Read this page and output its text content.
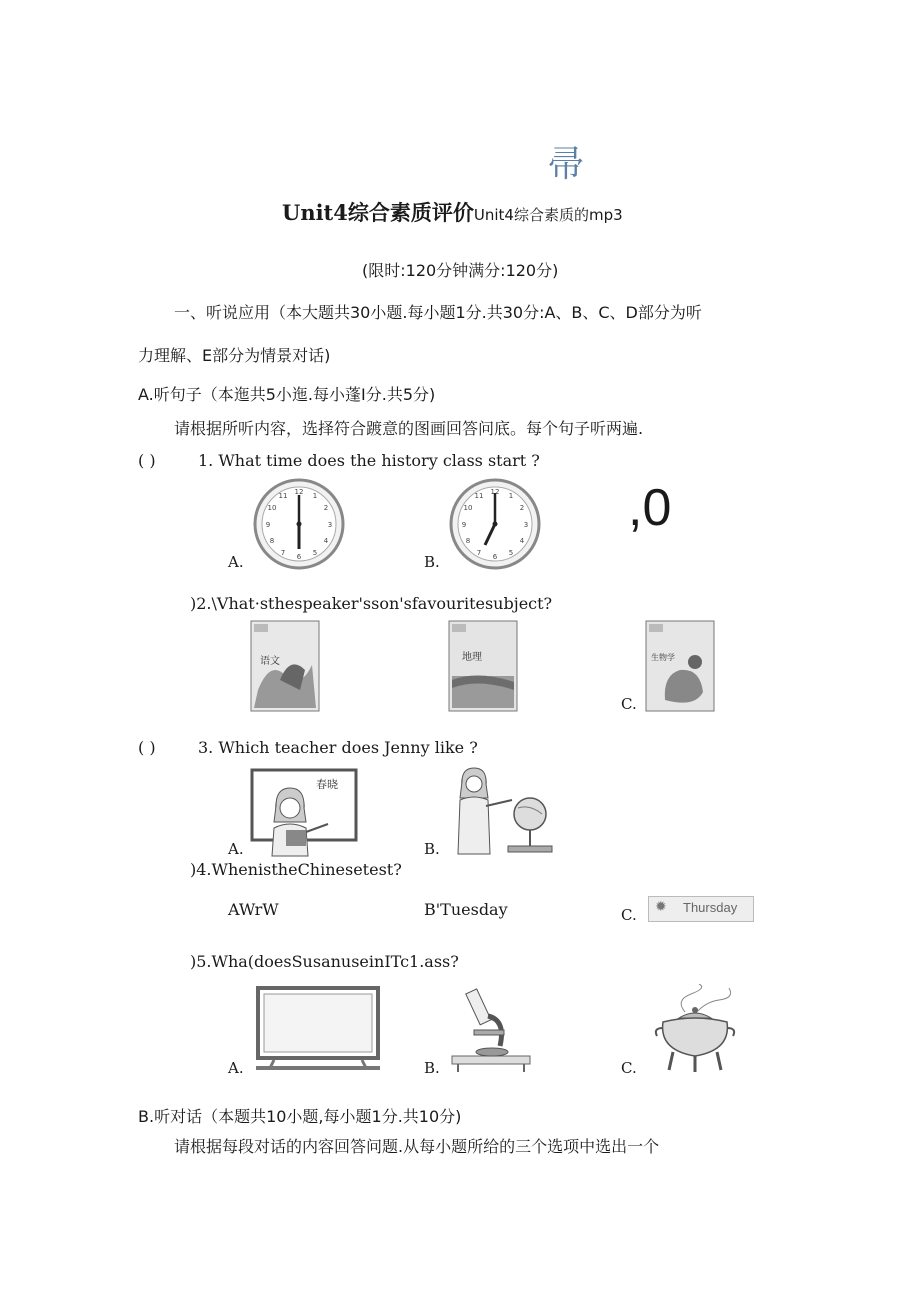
帚
Unit4综合素质评价Unit4综合素质的mp3
(限时:120分钟满分:120分)
一、听说应用（本大题共30小题.每小题1分.共30分:A、B、C、D部分为听
力理解、E部分为情景对话)
A.听句子（本迤共5小迤.每小蓬I分.共5分)
请根据所听内容，选择符合踱意的图画回答问底。每个句子听两遍.
( )	1. What time does the history class start ?
12 1
2
3
4
5
6
7
8
9
10
11
A.
12 1
2
3
4
5
6
7
8
9
10
11
B.
,0
)2.\Vhat·sthespeaker'sson'sfavouritesubject?
语文	地理	生物学
C.
( )	3. Which teacher does Jenny like ?
春晓
A.	B.
)4.WhenistheChinesetest?
AWrW	B'Tuesday	C. ✹ Thursday
)5.Wha(doesSusanuseinITc1.ass?
A.	B.	C.
B.听对话（本题共10小题,每小题1分.共10分)
请根据每段对话的内容回答问题.从每小题所给的三个选项中选出一个
